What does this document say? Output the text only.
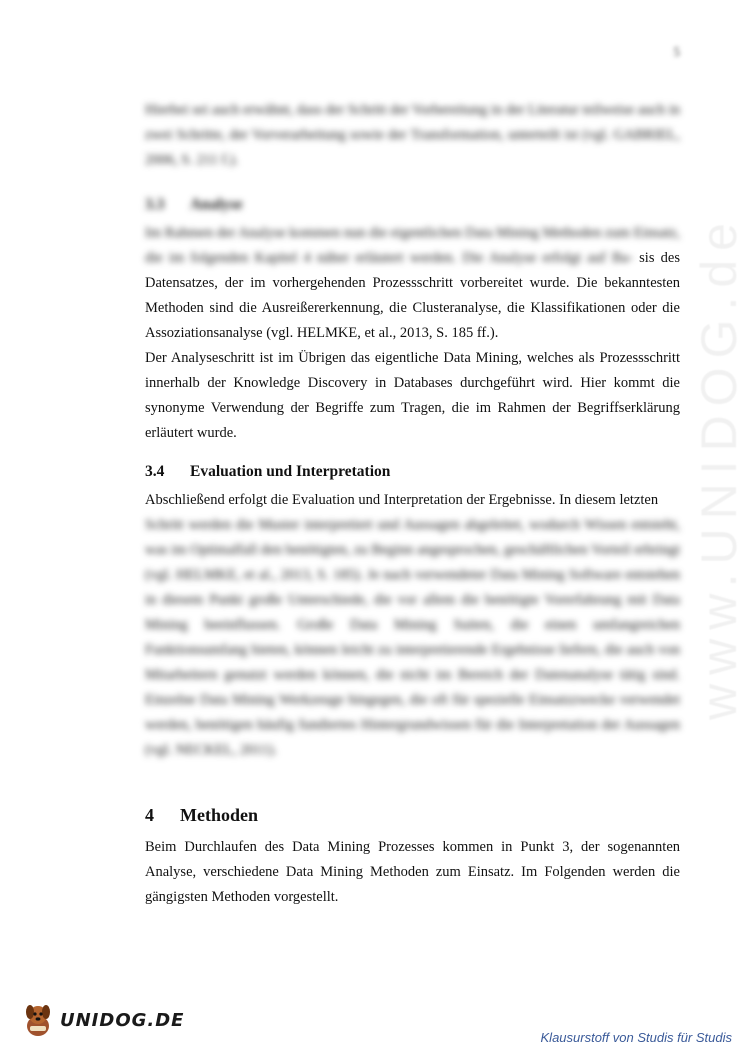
5
www.UNIDOG.de

Hierbei sei auch erwähnt, dass der Schritt der Vorbereitung in der Literatur teilweise auch in zwei Schritte, der Vorverarbeitung sowie der Transformation, unterteilt ist (vgl. GABRIEL, 2006, S. 211 f.).

3.3	Analyse

Im Rahmen der Analyse kommen nun die eigentlichen Data Mining Methoden zum Einsatz, die im folgenden Kapitel 4 näher erläutert werden. Die Analyse erfolgt auf Ba- sis des Datensatzes, der im vorhergehenden Prozessschritt vorbereitet wurde. Die bekanntesten Methoden sind die Ausreißererkennung, die Clusteranalyse, die Klassifikationen oder die Assoziationsanalyse (vgl. HELMKE, et al., 2013, S. 185 ff.).

Der Analyseschritt ist im Übrigen das eigentliche Data Mining, welches als Prozessschritt innerhalb der Knowledge Discovery in Databases durchgeführt wird. Hier kommt die synonyme Verwendung der Begriffe zum Tragen, die im Rahmen der Begriffserklärung erläutert wurde.

3.4	Evaluation und Interpretation

Abschließend erfolgt die Evaluation und Interpretation der Ergebnisse. In diesem letzten

Schritt werden die Muster interpretiert und Aussagen abgeleitet, wodurch Wissen entsteht, was im Optimalfall den benötigten, zu Beginn angesprochen, geschäftlichen Vorteil erbringt (vgl. HELMKE, et al., 2013, S. 185). Je nach verwendeter Data Mining Software entstehen in diesem Punkt große Unterschiede, die vor allem die benötigte Vorerfahrung mit Data Mining beeinflussen. Große Data Mining Suiten, die einen umfangreichen Funktionsumfang bieten, können leicht zu interpretierende Ergebnisse liefern, die auch von Mitarbeitern genutzt werden können, die nicht im Bereich der Datenanalyse tätig sind. Einzelne Data Mining Werkzeuge hingegen, die oft für spezielle Einsatzzwecke verwendet werden, benötigen häufig fundiertes Hintergrundwissen für die Interpretation der Aussagen (vgl. NECKEL, 2011).

4	Methoden

Beim Durchlaufen des Data Mining Prozesses kommen in Punkt 3, der sogenannten Analyse, verschiedene Data Mining Methoden zum Einsatz. Im Folgenden werden die gängigsten Methoden vorgestellt.

UNIDOG.DE
Klausurstoff von Studis für Studis
